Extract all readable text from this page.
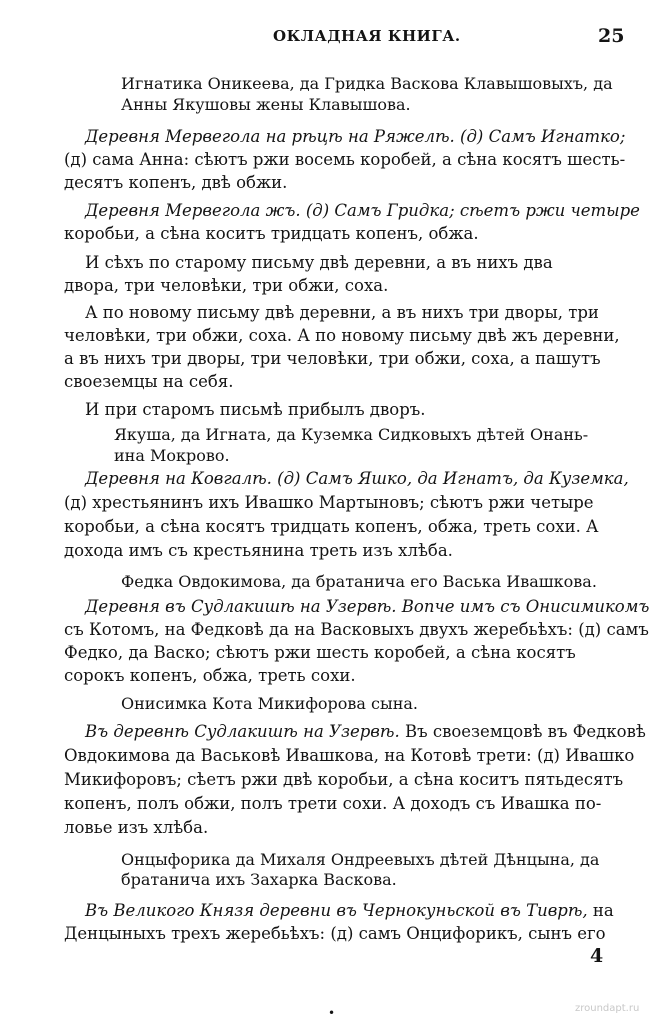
ОКЛАДНАЯ КНИГА.	25
Игнатика Оникеева, да Гридка Васкова Клавышовыхъ, да
Анны Якушовы жены Клавышова.
Деревня Мервегола на рѣцѣ на Ряжелѣ. (д) Самъ Игнатко;
(д) сама Анна: сѣютъ ржи восемь коробей, а сѣна косятъ шесть-
десятъ копенъ, двѣ обжи.
Деревня Мервегола жъ. (д) Самъ Гридка; сѣетъ ржи четыре
коробьи, а сѣна коситъ тридцать копенъ, обжа.
И сѣхъ по старому письму двѣ деревни, а въ нихъ два
двора, три человѣки, три обжи, соха.
А по новому письму двѣ деревни, а въ нихъ три дворы, три
человѣки, три обжи, соха. А по новому письму двѣ жъ деревни,
а въ нихъ три дворы, три человѣки, три обжи, соха, а пашутъ
своеземцы на себя.
И при старомъ письмѣ прибылъ дворъ.
Якуша, да Игната, да Куземка Сидковыхъ дѣтей Онань-
ина Мокрово.
Деревня на Ковгалѣ. (д) Самъ Яшко, да Игнатъ, да Куземка,
(д) хрестьянинъ ихъ Ивашко Мартыновъ; сѣютъ ржи четыре
коробьи, а сѣна косятъ тридцать копенъ, обжа, треть сохи. А
дохода имъ съ крестьянина треть изъ хлѣба.
Федка Овдокимова, да братанича его Васька Ивашкова.
Деревня въ Судлакишѣ на Узервѣ. Вопче имъ съ Онисимикомъ
съ Котомъ, на Федковѣ да на Васковыхъ двухъ жеребьѣхъ: (д) самъ
Федко, да Васко; сѣютъ ржи шесть коробей, а сѣна косятъ
сорокъ копенъ, обжа, треть сохи.
Онисимка Кота Микифорова сына.
Въ деревнѣ Судлакишѣ на Узервѣ. Въ своеземцовѣ въ Федковѣ
Овдокимова да Васьковѣ Ивашкова, на Котовѣ трети: (д) Ивашко
Микифоровъ; сѣетъ ржи двѣ коробьи, а сѣна коситъ пятьдесятъ
копенъ, полъ обжи, полъ трети сохи. А доходъ съ Ивашка по-
ловье изъ хлѣба.
Онцыфорика да Михаля Ондреевыхъ дѣтей Дѣнцына, да
братанича ихъ Захарка Васкова.
Въ Великого Князя деревни въ Чернокуньской въ Тиврѣ, на
Денцыныхъ трехъ жеребьѣхъ: (д) самъ Онцифорикъ, сынъ его
4
•	zroundapt.ru
